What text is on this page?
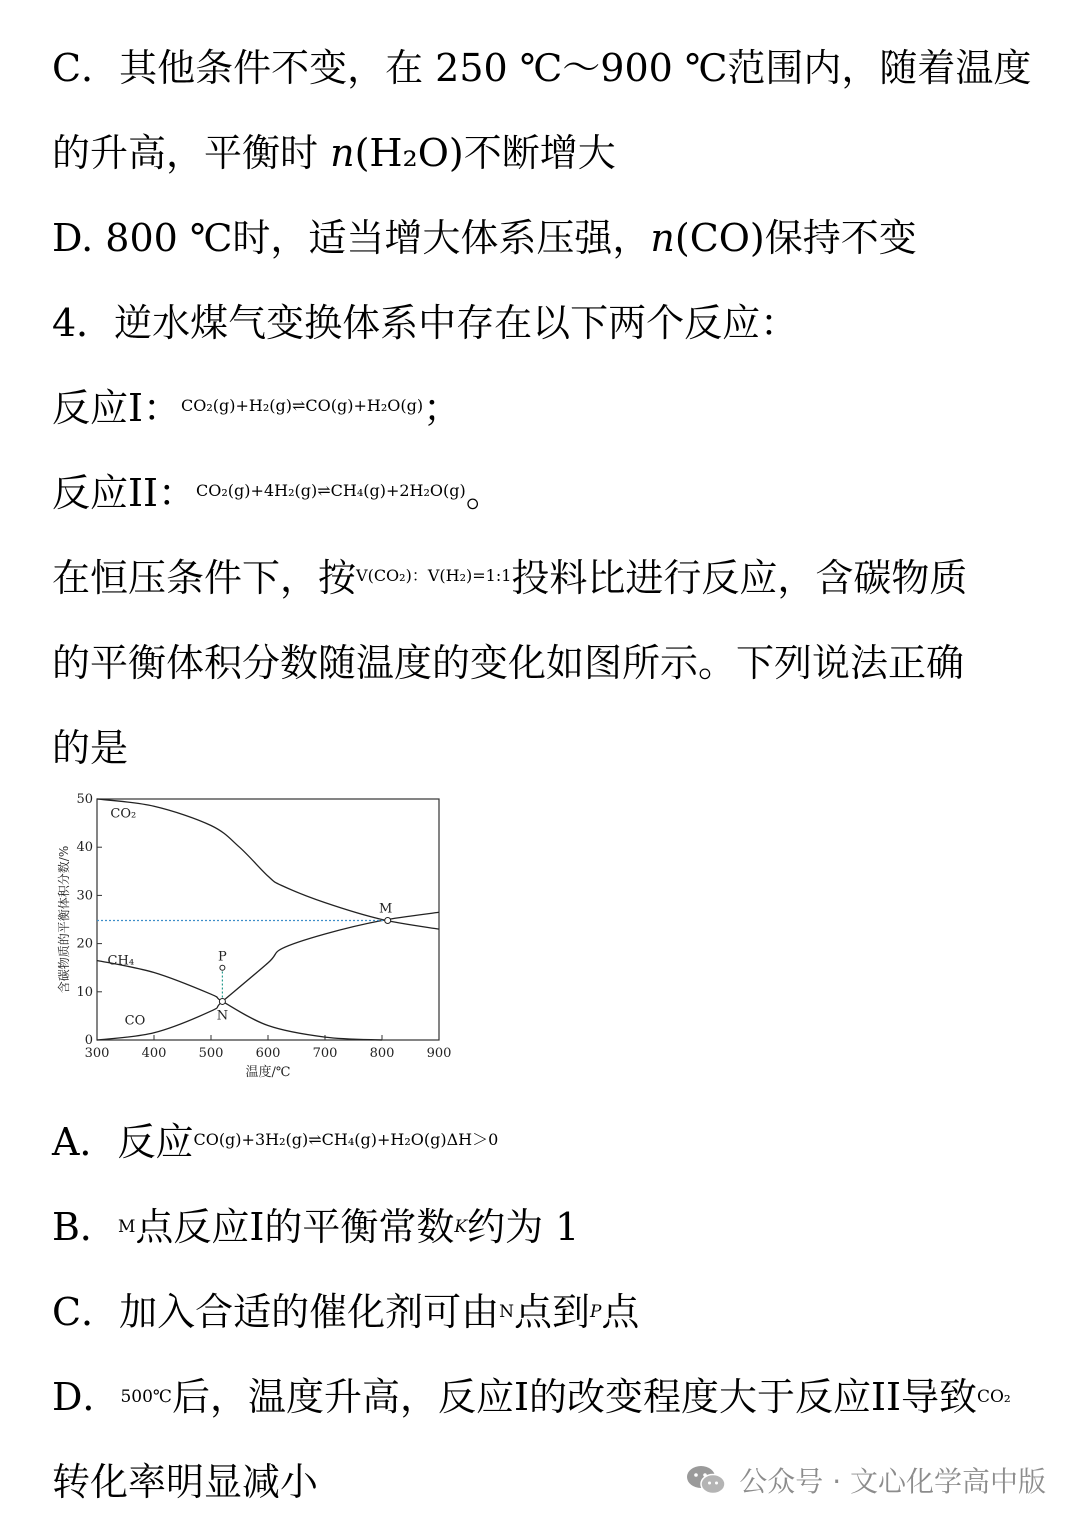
C．其他条件不变，在 250 ℃～900 ℃范围内，随着温度
的升高，平衡时 n(H₂O)不断增大
D. 800 ℃时，适当增大体系压强，n(CO)保持不变
4．逆水煤气变换体系中存在以下两个反应：
反应I：CO₂(g)+H₂(g)⇌CO(g)+H₂O(g)；
反应II：CO₂(g)+4H₂(g)⇌CH₄(g)+2H₂O(g)。
在恒压条件下，按V(CO₂)：V(H₂)=1:1投料比进行反应，含碳物质
的平衡体积分数随温度的变化如图所示。下列说法正确
的是
300 400 500 600 700 800 900
0
10
20
30
40
50
温度/℃
含碳物质的平衡体积分数/%
CO₂
CH₄
CO
M
N
P
A．反应CO(g)+3H₂(g)⇌CH₄(g)+H₂O(g)ΔH＞0
B．M点反应I的平衡常数K约为 1
C．加入合适的催化剂可由N点到P点
D．500℃后，温度升高，反应I的改变程度大于反应II导致CO₂
转化率明显减小	公众号 · 文心化学高中版
